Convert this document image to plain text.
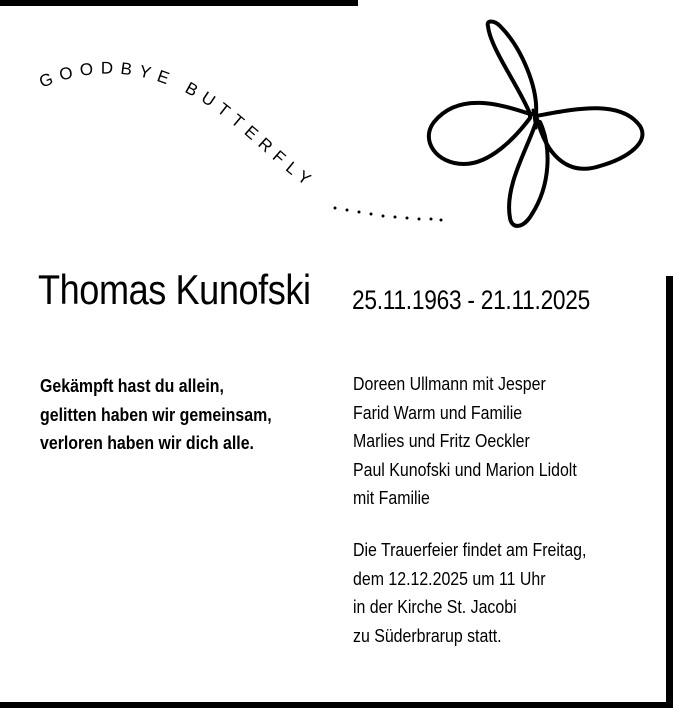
GOODBYE BUTTERFLY
Thomas Kunofski 25.11.1963 - 21.11.2025
Gekämpft hast du allein,
gelitten haben wir gemeinsam,
verloren haben wir dich alle.
Doreen Ullmann mit Jesper
Farid Warm und Familie
Marlies und Fritz Oeckler
Paul Kunofski und Marion Lidolt
mit Familie
Die Trauerfeier findet am Freitag,
dem 12.12.2025 um 11 Uhr
in der Kirche St. Jacobi
zu Süderbrarup statt.
